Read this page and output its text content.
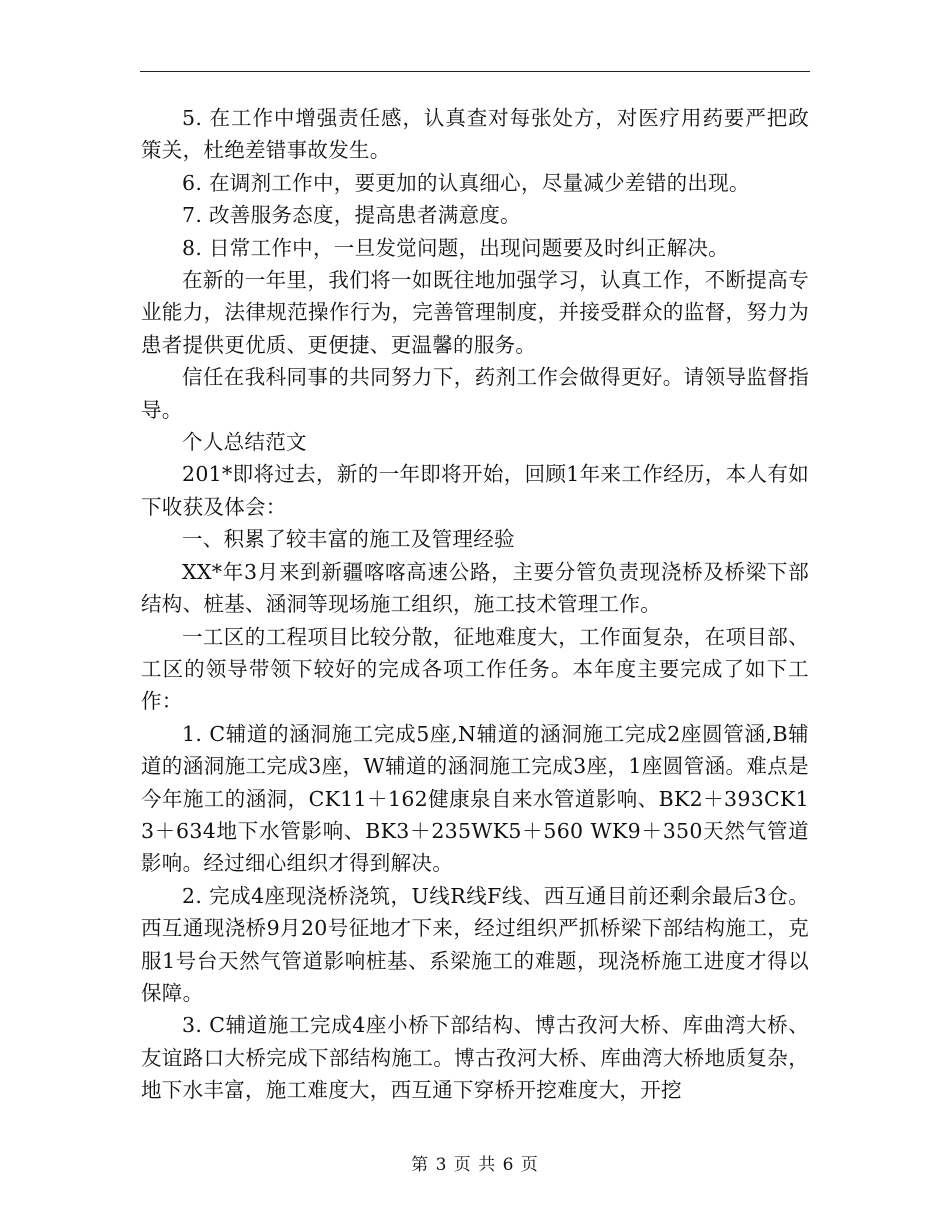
5. 在工作中增强责任感，认真查对每张处方，对医疗用药要严把政策关，杜绝差错事故发生。

6. 在调剂工作中，要更加的认真细心，尽量减少差错的出现。

7. 改善服务态度，提高患者满意度。

8. 日常工作中，一旦发觉问题，出现问题要及时纠正解决。

在新的一年里，我们将一如既往地加强学习，认真工作，不断提高专业能力，法律规范操作行为，完善管理制度，并接受群众的监督，努力为患者提供更优质、更便捷、更温馨的服务。

信任在我科同事的共同努力下，药剂工作会做得更好。请领导监督指导。

个人总结范文

201*即将过去，新的一年即将开始，回顾1年来工作经历，本人有如下收获及体会：

一、积累了较丰富的施工及管理经验

XX*年3月来到新疆喀喀高速公路，主要分管负责现浇桥及桥梁下部结构、桩基、涵洞等现场施工组织，施工技术管理工作。

一工区的工程项目比较分散，征地难度大，工作面复杂，在项目部、工区的领导带领下较好的完成各项工作任务。本年度主要完成了如下工作：

1. C辅道的涵洞施工完成5座,N辅道的涵洞施工完成2座圆管涵,B辅道的涵洞施工完成3座，W辅道的涵洞施工完成3座，1座圆管涵。难点是今年施工的涵洞，CK11＋162健康泉自来水管道影响、BK2＋393CK13＋634地下水管影响、BK3＋235WK5＋560 WK9＋350天然气管道影响。经过细心组织才得到解决。

2. 完成4座现浇桥浇筑，U线R线F线、西互通目前还剩余最后3仓。西互通现浇桥9月20号征地才下来，经过组织严抓桥梁下部结构施工，克服1号台天然气管道影响桩基、系梁施工的难题，现浇桥施工进度才得以保障。

3. C辅道施工完成4座小桥下部结构、博古孜河大桥、库曲湾大桥、友谊路口大桥完成下部结构施工。博古孜河大桥、库曲湾大桥地质复杂，地下水丰富，施工难度大，西互通下穿桥开挖难度大，开挖

第 3 页 共 6 页
